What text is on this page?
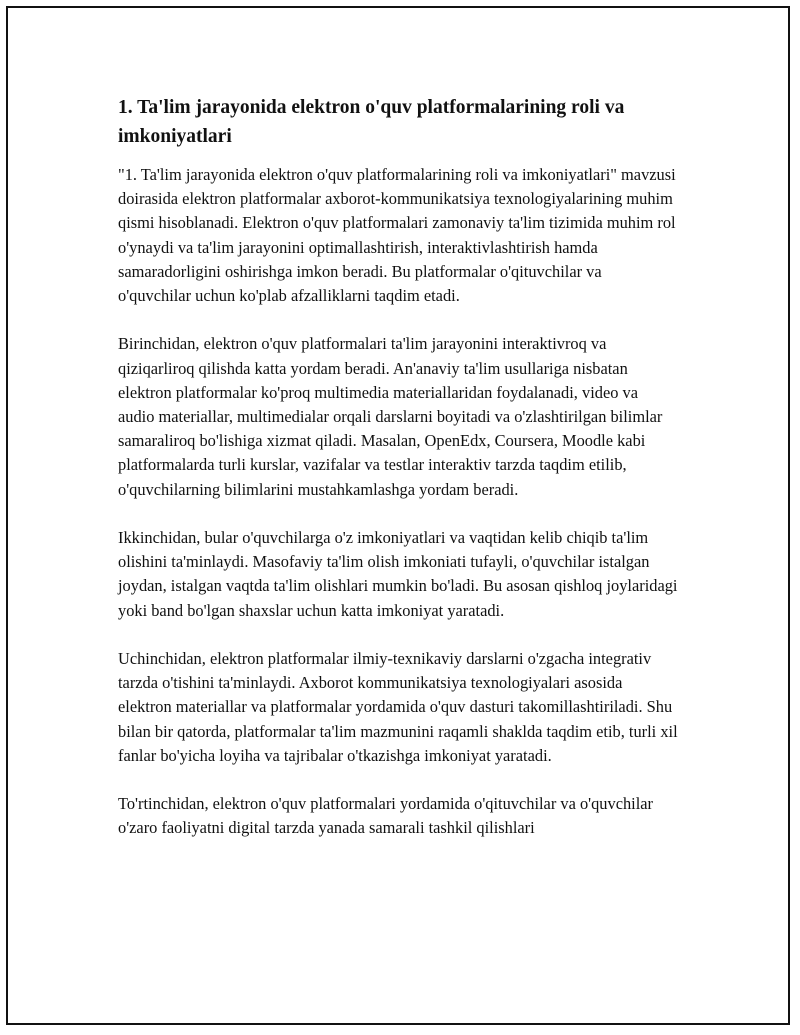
1. Ta'lim jarayonida elektron o'quv platformalarining roli va imkoniyatlari

"1. Ta'lim jarayonida elektron o'quv platformalarining roli va imkoniyatlari" mavzusi doirasida elektron platformalar axborot-kommunikatsiya texnologiyalarining muhim qismi hisoblanadi. Elektron o'quv platformalari zamonaviy ta'lim tizimida muhim rol o'ynaydi va ta'lim jarayonini optimallashtirish, interaktivlashtirish hamda samaradorligini oshirishga imkon beradi. Bu platformalar o'qituvchilar va o'quvchilar uchun ko'plab afzalliklarni taqdim etadi.

Birinchidan, elektron o'quv platformalari ta'lim jarayonini interaktivroq va qiziqarliroq qilishda katta yordam beradi. An'anaviy ta'lim usullariga nisbatan elektron platformalar ko'proq multimedia materiallaridan foydalanadi, video va audio materiallar, multimedialar orqali darslarni boyitadi va o'zlashtirilgan bilimlar samaraliroq bo'lishiga xizmat qiladi. Masalan, OpenEdx, Coursera, Moodle kabi platformalarda turli kurslar, vazifalar va testlar interaktiv tarzda taqdim etilib, o'quvchilarning bilimlarini mustahkamlashga yordam beradi.

Ikkinchidan, bular o'quvchilarga o'z imkoniyatlari va vaqtidan kelib chiqib ta'lim olishini ta'minlaydi. Masofaviy ta'lim olish imkoniati tufayli, o'quvchilar istalgan joydan, istalgan vaqtda ta'lim olishlari mumkin bo'ladi. Bu asosan qishloq joylaridagi yoki band bo'lgan shaxslar uchun katta imkoniyat yaratadi.

Uchinchidan, elektron platformalar ilmiy-texnikaviy darslarni o'zgacha integrativ tarzda o'tishini ta'minlaydi. Axborot kommunikatsiya texnologiyalari asosida elektron materiallar va platformalar yordamida o'quv dasturi takomillashtiriladi. Shu bilan bir qatorda, platformalar ta'lim mazmunini raqamli shaklda taqdim etib, turli xil fanlar bo'yicha loyiha va tajribalar o'tkazishga imkoniyat yaratadi.

To'rtinchidan, elektron o'quv platformalari yordamida o'qituvchilar va o'quvchilar o'zaro faoliyatni digital tarzda yanada samarali tashkil qilishlari
